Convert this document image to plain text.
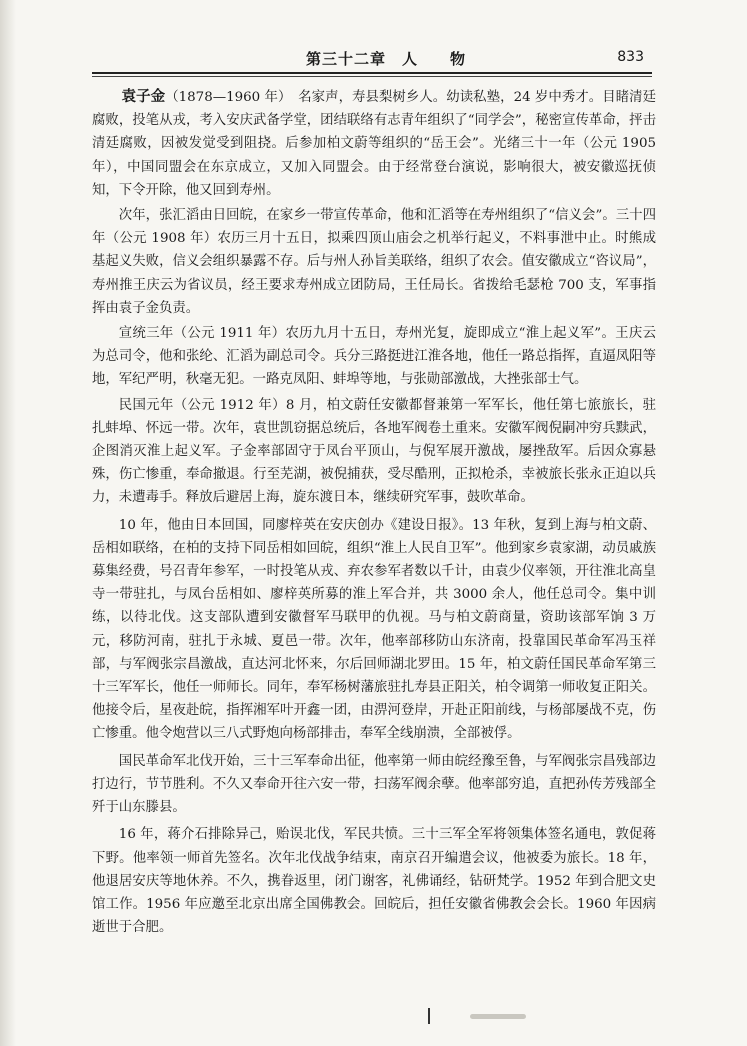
第三十二章　人　　物	833

袁子金（1878—1960 年）　名家声，寿县梨树乡人。幼读私塾，24 岁中秀才。目睹清廷腐败，投笔从戎，考入安庆武备学堂，团结联络有志青年组织了“同学会”，秘密宣传革命，抨击清廷腐败，因被发觉受到阻挠。后参加柏文蔚等组织的“岳王会”。光绪三十一年（公元 1905 年），中国同盟会在东京成立，又加入同盟会。由于经常登台演说，影响很大，被安徽巡抚侦知，下令开除，他又回到寿州。

次年，张汇滔由日回皖，在家乡一带宣传革命，他和汇滔等在寿州组织了“信义会”。三十四年（公元 1908 年）农历三月十五日，拟乘四顶山庙会之机举行起义，不料事泄中止。时熊成基起义失败，信义会组织暴露不存。后与州人孙旨美联络，组织了农会。值安徽成立“咨议局”，寿州推王庆云为省议员，经王要求寿州成立团防局，王任局长。省拨给毛瑟枪 700 支，军事指挥由袁子金负责。

宣统三年（公元 1911 年）农历九月十五日，寿州光复，旋即成立“淮上起义军”。王庆云为总司令，他和张纶、汇滔为副总司令。兵分三路挺进江淮各地，他任一路总指挥，直逼凤阳等地，军纪严明，秋毫无犯。一路克凤阳、蚌埠等地，与张勋部激战，大挫张部士气。

民国元年（公元 1912 年）8 月，柏文蔚任安徽都督兼第一军军长，他任第七旅旅长，驻扎蚌埠、怀远一带。次年，袁世凯窃据总统后，各地军阀卷土重来。安徽军阀倪嗣冲穷兵黩武，企图消灭淮上起义军。子金率部固守于凤台平顶山，与倪军展开激战，屡挫敌军。后因众寡悬殊，伤亡惨重，奉命撤退。行至芜湖，被倪捕获，受尽酷刑，正拟枪杀，幸被旅长张永正迫以兵力，未遭毒手。释放后避居上海，旋东渡日本，继续研究军事，鼓吹革命。

10 年，他由日本回国，同廖梓英在安庆创办《建设日报》。13 年秋，复到上海与柏文蔚、岳相如联络，在柏的支持下同岳相如回皖，组织“淮上人民自卫军”。他到家乡袁家湖，动员戚族募集经费，号召青年参军，一时投笔从戎、弃农参军者数以千计，由袁少仪率领，开往淮北高皇寺一带驻扎，与凤台岳相如、廖梓英所募的淮上军合并，共 3000 余人，他任总司令。集中训练，以待北伐。这支部队遭到安徽督军马联甲的仇视。马与柏文蔚商量，资助该部军饷 3 万元，移防河南，驻扎于永城、夏邑一带。次年，他率部移防山东济南，投靠国民革命军冯玉祥部，与军阀张宗昌激战，直达河北怀来，尔后回师湖北罗田。15 年，柏文蔚任国民革命军第三十三军军长，他任一师师长。同年，奉军杨树藩旅驻扎寿县正阳关，柏令调第一师收复正阳关。他接令后，星夜赴皖，指挥湘军叶开鑫一团，由淠河登岸，开赴正阳前线，与杨部屡战不克，伤亡惨重。他令炮营以三八式野炮向杨部排击，奉军全线崩溃，全部被俘。

国民革命军北伐开始，三十三军奉命出征，他率第一师由皖经豫至鲁，与军阀张宗昌残部边打边行，节节胜利。不久又奉命开往六安一带，扫荡军阀余孽。他率部穷追，直把孙传芳残部全歼于山东滕县。

16 年，蒋介石排除异己，贻误北伐，军民共愤。三十三军全军将领集体签名通电，敦促蒋下野。他率领一师首先签名。次年北伐战争结束，南京召开编遣会议，他被委为旅长。18 年，他退居安庆等地休养。不久，携眷返里，闭门谢客，礼佛诵经，钻研梵学。1952 年到合肥文史馆工作。1956 年应邀至北京出席全国佛教会。回皖后，担任安徽省佛教会会长。1960 年因病逝世于合肥。
